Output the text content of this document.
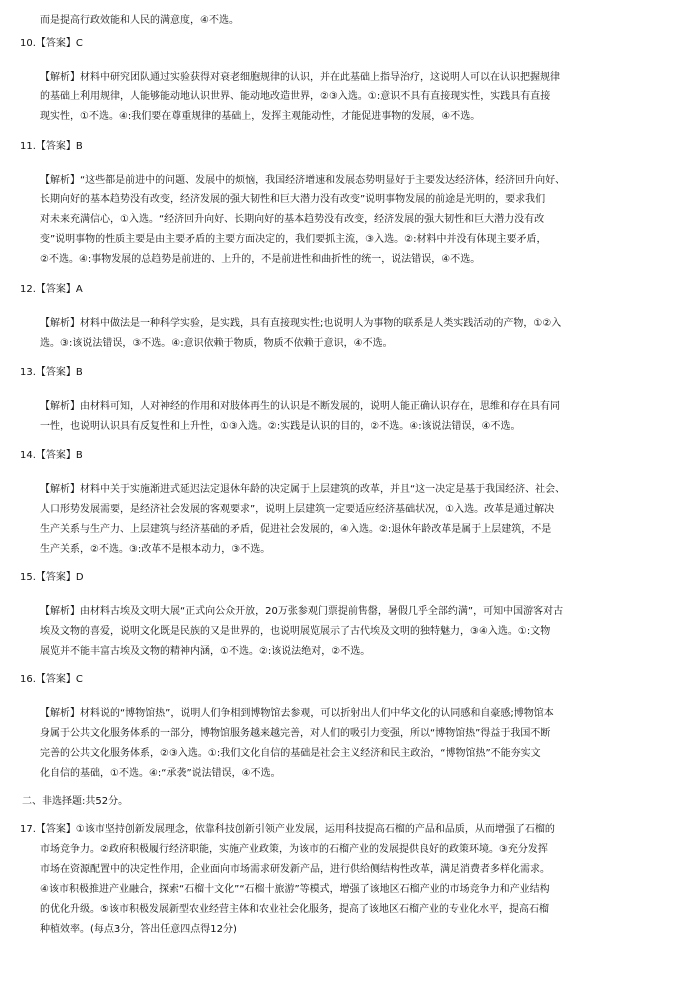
而是提高行政效能和人民的满意度，④不选。
10.【答案】C
【解析】材料中研究团队通过实验获得对衰老细胞规律的认识，并在此基础上指导治疗，这说明人可以在认识把握规律
的基础上利用规律，人能够能动地认识世界、能动地改造世界，②③入选。①:意识不具有直接现实性，实践具有直接
现实性，①不选。④:我们要在尊重规律的基础上，发挥主观能动性，才能促进事物的发展，④不选。
11.【答案】B
【解析】“这些都是前进中的问题、发展中的烦恼，我国经济增速和发展态势明显好于主要发达经济体，经济回升向好、
长期向好的基本趋势没有改变，经济发展的强大韧性和巨大潜力没有改变”说明事物发展的前途是光明的，要求我们
对未来充满信心，①入选。“经济回升向好、长期向好的基本趋势没有改变，经济发展的强大韧性和巨大潜力没有改
变”说明事物的性质主要是由主要矛盾的主要方面决定的，我们要抓主流，③入选。②:材料中并没有体现主要矛盾，
②不选。④:事物发展的总趋势是前进的、上升的，不是前进性和曲折性的统一，说法错误，④不选。
12.【答案】A
【解析】材料中做法是一种科学实验，是实践，具有直接现实性;也说明人为事物的联系是人类实践活动的产物，①②入
选。③:该说法错误，③不选。④:意识依赖于物质，物质不依赖于意识，④不选。
13.【答案】B
【解析】由材料可知，人对神经的作用和对肢体再生的认识是不断发展的，说明人能正确认识存在，思维和存在具有同
一性，也说明认识具有反复性和上升性，①③入选。②:实践是认识的目的，②不选。④:该说法错误，④不选。
14.【答案】B
【解析】材料中关于实施渐进式延迟法定退休年龄的决定属于上层建筑的改革，并且“这一决定是基于我国经济、社会、
人口形势发展需要，是经济社会发展的客观要求”，说明上层建筑一定要适应经济基础状况，①入选。改革是通过解决
生产关系与生产力、上层建筑与经济基础的矛盾，促进社会发展的，④入选。②:退休年龄改革是属于上层建筑，不是
生产关系，②不选。③:改革不是根本动力，③不选。
15.【答案】D
【解析】由材料古埃及文明大展“正式向公众开放，20万张参观门票提前售罄，暑假几乎全部约满”，可知中国游客对古
埃及文物的喜爱，说明文化既是民族的又是世界的，也说明展览展示了古代埃及文明的独特魅力，③④入选。①:文物
展览并不能丰富古埃及文物的精神内涵，①不选。②:该说法绝对，②不选。
16.【答案】C
【解析】材料说的“博物馆热”，说明人们争相到博物馆去参观，可以折射出人们中华文化的认同感和自豪感;博物馆本
身属于公共文化服务体系的一部分，博物馆服务越来越完善，对人们的吸引力变强，所以“博物馆热”得益于我国不断
完善的公共文化服务体系，②③入选。①:我们文化自信的基础是社会主义经济和民主政治，“博物馆热”不能夯实文
化自信的基础，①不选。④:“承袭”说法错误，④不选。
二、非选择题:共52分。
17.【答案】①该市坚持创新发展理念，依靠科技创新引领产业发展，运用科技提高石榴的产品和品质，从而增强了石榴的
市场竞争力。②政府积极履行经济职能，实施产业政策，为该市的石榴产业的发展提供良好的政策环境。③充分发挥
市场在资源配置中的决定性作用，企业面向市场需求研发新产品，进行供给侧结构性改革，满足消费者多样化需求。
④该市积极推进产业融合，探索“石榴十文化”“石榴十旅游”等模式，增强了该地区石榴产业的市场竞争力和产业结构
的优化升级。⑤该市积极发展新型农业经营主体和农业社会化服务，提高了该地区石榴产业的专业化水平，提高石榴
种植效率。(每点3分，答出任意四点得12分)
